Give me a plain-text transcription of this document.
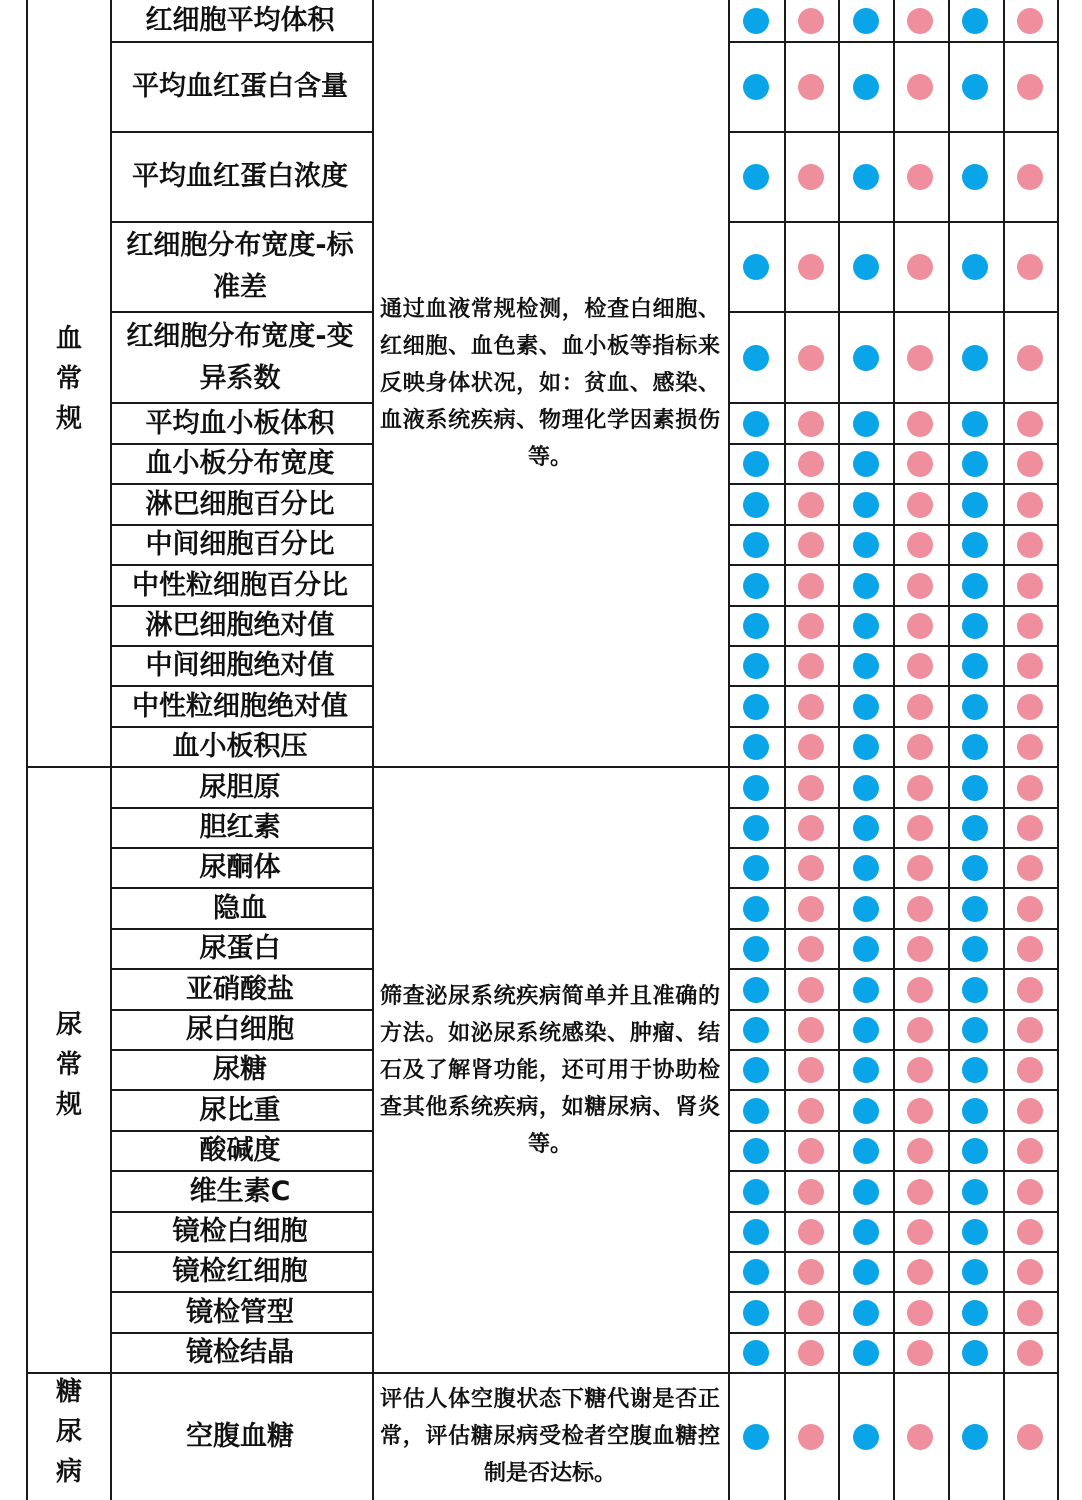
血常规
通过血液常规检测，检查白细胞、红细胞、血色素、血小板等指标来反映身体状况，如：贫血、感染、血液系统疾病、物理化学因素损伤等。
红细胞平均体积
平均血红蛋白含量
平均血红蛋白浓度
红细胞分布宽度-标准差
红细胞分布宽度-变异系数
平均血小板体积
血小板分布宽度
淋巴细胞百分比
中间细胞百分比
中性粒细胞百分比
淋巴细胞绝对值
中间细胞绝对值
中性粒细胞绝对值
血小板积压
尿常规
筛查泌尿系统疾病简单并且准确的方法。如泌尿系统感染、肿瘤、结石及了解肾功能，还可用于协助检查其他系统疾病，如糖尿病、肾炎等。
尿胆原
胆红素
尿酮体
隐血
尿蛋白
亚硝酸盐
尿白细胞
尿糖
尿比重
酸碱度
维生素C
镜检白细胞
镜检红细胞
镜检管型
镜检结晶
糖尿病	评估人体空腹状态下糖代谢是否正常，评估糖尿病受检者空腹血糖控制是否达标。
空腹血糖
